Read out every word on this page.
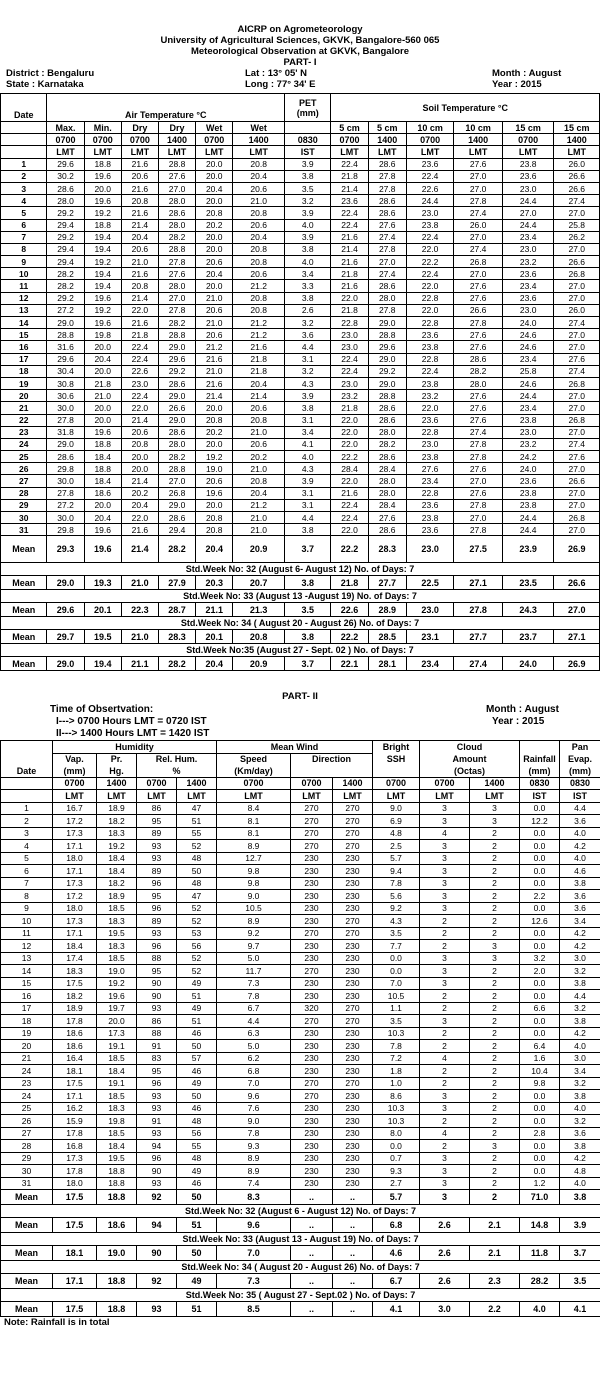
AICRP on Agrometeorology
University of Agricultural Sciences, GKVK, Bangalore-560 065
Meteorological Observation at GKVK, Bangalore
PART- I
District : Bengaluru
State : Karnataka
Lat : 13° 05' N
Long : 77° 34' E
Month : August
Year : 2015

							PET (mm)	Soil Temperature °C					
Date	Air Temperature °C												
	Max.	Min.	Dry	Dry	Wet	Wet		5 cm	5 cm	10 cm	10 cm	15 cm	15 cm
	0700	0700	0700	1400	0700	1400	0830	0700	1400	0700	1400	0700	1400
	LMT	LMT	LMT	LMT	LMT	LMT	IST	LMT	LMT	LMT	LMT	LMT	LMT
1	29.6	18.8	21.6	28.8	20.0	20.8	3.9	22.4	28.6	23.6	27.6	23.8	26.0
2	30.2	19.6	20.6	27.6	20.0	20.4	3.8	21.8	27.8	22.4	27.0	23.6	26.6
3	28.6	20.0	21.6	27.0	20.4	20.6	3.5	21.4	27.8	22.6	27.0	23.0	26.6
4	28.0	19.6	20.8	28.0	20.0	21.0	3.2	23.6	28.6	24.4	27.8	24.4	27.4
5	29.2	19.2	21.6	28.6	20.8	20.8	3.9	22.4	28.6	23.0	27.4	27.0	27.0
6	29.4	18.8	21.4	28.0	20.2	20.6	4.0	22.4	27.6	23.8	26.0	24.4	25.8
7	29.2	19.4	20.4	28.2	20.0	20.4	3.9	21.6	27.4	22.4	27.0	23.4	26.2
8	29.4	19.4	20.6	28.8	20.0	20.8	3.8	21.4	27.8	22.0	27.4	23.0	27.0
9	29.4	19.2	21.0	27.8	20.6	20.8	4.0	21.6	27.0	22.2	26.8	23.2	26.6
10	28.2	19.4	21.6	27.6	20.4	20.6	3.4	21.8	27.4	22.4	27.0	23.6	26.8
11	28.2	19.4	20.8	28.0	20.0	21.2	3.3	21.6	28.6	22.0	27.6	23.4	27.0
12	29.2	19.6	21.4	27.0	21.0	20.8	3.8	22.0	28.0	22.8	27.6	23.6	27.0
13	27.2	19.2	22.0	27.8	20.6	20.8	2.6	21.8	27.8	22.0	26.6	23.0	26.0
14	29.0	19.6	21.6	28.2	21.0	21.2	3.2	22.8	29.0	22.8	27.8	24.0	27.4
15	28.8	19.8	21.8	28.8	20.6	21.2	3.6	23.0	28.8	23.6	27.6	24.6	27.0
16	31.6	20.0	22.4	29.0	21.2	21.6	4.4	23.0	29.6	23.8	27.6	24.6	27.0
17	29.6	20.4	22.4	29.6	21.6	21.8	3.1	22.4	29.0	22.8	28.6	23.4	27.6
18	30.4	20.0	22.6	29.2	21.0	21.8	3.2	22.4	29.2	22.4	28.2	25.8	27.4
19	30.8	21.8	23.0	28.6	21.6	20.4	4.3	23.0	29.0	23.8	28.0	24.6	26.8
20	30.6	21.0	22.4	29.0	21.4	21.4	3.9	23.2	28.8	23.2	27.6	24.4	27.0
21	30.0	20.0	22.0	26.6	20.0	20.6	3.8	21.8	28.6	22.0	27.6	23.4	27.0
22	27.8	20.0	21.4	29.0	20.8	20.8	3.1	22.0	28.6	23.6	27.6	23.8	26.8
23	31.8	19.6	20.6	28.6	20.2	21.0	3.4	22.0	28.0	22.8	27.4	23.0	27.0
24	29.0	18.8	20.8	28.0	20.0	20.6	4.1	22.0	28.2	23.0	27.8	23.2	27.4
25	28.6	18.4	20.0	28.2	19.2	20.2	4.0	22.2	28.6	23.8	27.8	24.2	27.6
26	29.8	18.8	20.0	28.8	19.0	21.0	4.3	28.4	28.4	27.6	27.6	24.0	27.0
27	30.0	18.4	21.4	27.0	20.6	20.8	3.9	22.0	28.0	23.4	27.0	23.6	26.6
28	27.8	18.6	20.2	26.8	19.6	20.4	3.1	21.6	28.0	22.8	27.6	23.8	27.0
29	27.2	20.0	20.4	29.0	20.0	21.2	3.1	22.4	28.4	23.6	27.8	23.8	27.0
30	30.0	20.4	22.0	28.6	20.8	21.0	4.4	22.4	27.6	23.8	27.0	24.4	26.8
31	29.8	19.6	21.6	29.4	20.8	21.0	3.8	22.0	28.6	23.6	27.8	24.4	27.0
Mean	29.3	19.6	21.4	28.2	20.4	20.9	3.7	22.2	28.3	23.0	27.5	23.9	26.9
Std.Week No: 32 (August 6- August 12) No. of Days: 7													
Mean	29.0	19.3	21.0	27.9	20.3	20.7	3.8	21.8	27.7	22.5	27.1	23.5	26.6
Std.Week No: 33 (August 13 -August 19) No. of Days: 7													
Mean	29.6	20.1	22.3	28.7	21.1	21.3	3.5	22.6	28.9	23.0	27.8	24.3	27.0
Std.Week No: 34 ( August 20 - August 26) No. of Days: 7													
Mean	29.7	19.5	21.0	28.3	20.1	20.8	3.8	22.2	28.5	23.1	27.7	23.7	27.1
Std.Week No:35 (August 27 - Sept. 02 ) No. of Days: 7													
Mean	29.0	19.4	21.1	28.2	20.4	20.9	3.7	22.1	28.1	23.4	27.4	24.0	26.9
PART- II
Time of Obsertvation:
I---> 0700 Hours LMT = 0720 IST
II---> 1400 Hours LMT = 1420 IST
Month : August
Year : 2015
	Humidity				Mean Wind			Bright	Cloud			Pan
	Vap.	Pr.	Rel. Hum.		Speed	Direction		SSH	Amount		Rainfall	Evap.
Date	(mm)	Hg.	%		(Km/day)				(Octas)		(mm)	(mm)
	0700	1400	0700	1400	0700	0700	1400	0700	0700	1400	0830	0830
	LMT	LMT	LMT	LMT	LMT	LMT	LMT	LMT	LMT	LMT	IST	IST
1	16.7	18.9	86	47	8.4	270	270	9.0	3	3	0.0	4.4
2	17.2	18.2	95	51	8.1	270	270	6.9	3	3	12.2	3.6
3	17.3	18.3	89	55	8.1	270	270	4.8	4	2	0.0	4.0
4	17.1	19.2	93	52	8.9	270	270	2.5	3	2	0.0	4.2
5	18.0	18.4	93	48	12.7	230	230	5.7	3	2	0.0	4.0
6	17.1	18.4	89	50	9.8	230	230	9.4	3	2	0.0	4.6
7	17.3	18.2	96	48	9.8	230	230	7.8	3	2	0.0	3.8
8	17.2	18.9	95	47	9.0	230	230	5.6	3	2	2.2	3.6
9	18.0	18.5	96	52	10.5	230	230	9.2	3	2	0.0	3.6
10	17.3	18.3	89	52	8.9	230	270	4.3	2	2	12.6	3.4
11	17.1	19.5	93	53	9.2	270	270	3.5	2	2	0.0	4.2
12	18.4	18.3	96	56	9.7	230	230	7.7	2	3	0.0	4.2
13	17.4	18.5	88	52	5.0	230	230	0.0	3	3	3.2	3.0
14	18.3	19.0	95	52	11.7	270	230	0.0	3	2	2.0	3.2
15	17.5	19.2	90	49	7.3	230	230	7.0	3	2	0.0	3.8
16	18.2	19.6	90	51	7.8	230	230	10.5	2	2	0.0	4.4
17	18.9	19.7	93	49	6.7	320	270	1.1	2	2	6.6	3.2
18	17.8	20.0	86	51	4.4	270	270	3.5	3	2	0.0	3.8
19	18.6	17.3	88	46	6.3	230	230	10.3	2	2	0.0	4.2
20	18.6	19.1	91	50	5.0	230	230	7.8	2	2	6.4	4.0
21	16.4	18.5	83	57	6.2	230	230	7.2	4	2	1.6	3.0
24	18.1	18.4	95	46	6.8	230	230	1.8	2	2	10.4	3.4
23	17.5	19.1	96	49	7.0	270	270	1.0	2	2	9.8	3.2
24	17.1	18.5	93	50	9.6	270	230	8.6	3	2	0.0	3.8
25	16.2	18.3	93	46	7.6	230	230	10.3	3	2	0.0	4.0
26	15.9	19.8	91	48	9.0	230	230	10.3	2	2	0.0	3.2
27	17.8	18.5	93	56	7.8	230	230	8.0	4	2	2.8	3.6
28	16.8	18.4	94	55	9.3	230	230	0.0	2	3	0.0	3.8
29	17.3	19.5	96	48	8.9	230	230	0.7	3	2	0.0	4.2
30	17.8	18.8	90	49	8.9	230	230	9.3	3	2	0.0	4.8
31	18.0	18.8	93	46	7.4	230	230	2.7	3	2	1.2	4.0
Mean	17.5	18.8	92	50	8.3	..	..	5.7	3	2	71.0	3.8
Std.Week No: 32 (August 6 - August 12) No. of Days: 7												
Mean	17.5	18.6	94	51	9.6	..	..	6.8	2.6	2.1	14.8	3.9
Std.Week No: 33 (August 13 - August 19) No. of Days: 7												
Mean	18.1	19.0	90	50	7.0	..	..	4.6	2.6	2.1	11.8	3.7
Std.Week No: 34 ( August 20 - August 26) No. of Days: 7												
Mean	17.1	18.8	92	49	7.3	..	..	6.7	2.6	2.3	28.2	3.5
Std.Week No: 35 ( August 27 - Sept.02 ) No. of Days: 7												
Mean	17.5	18.8	93	51	8.5	..	..	4.1	3.0	2.2	4.0	4.1
Note: Rainfall is in total
